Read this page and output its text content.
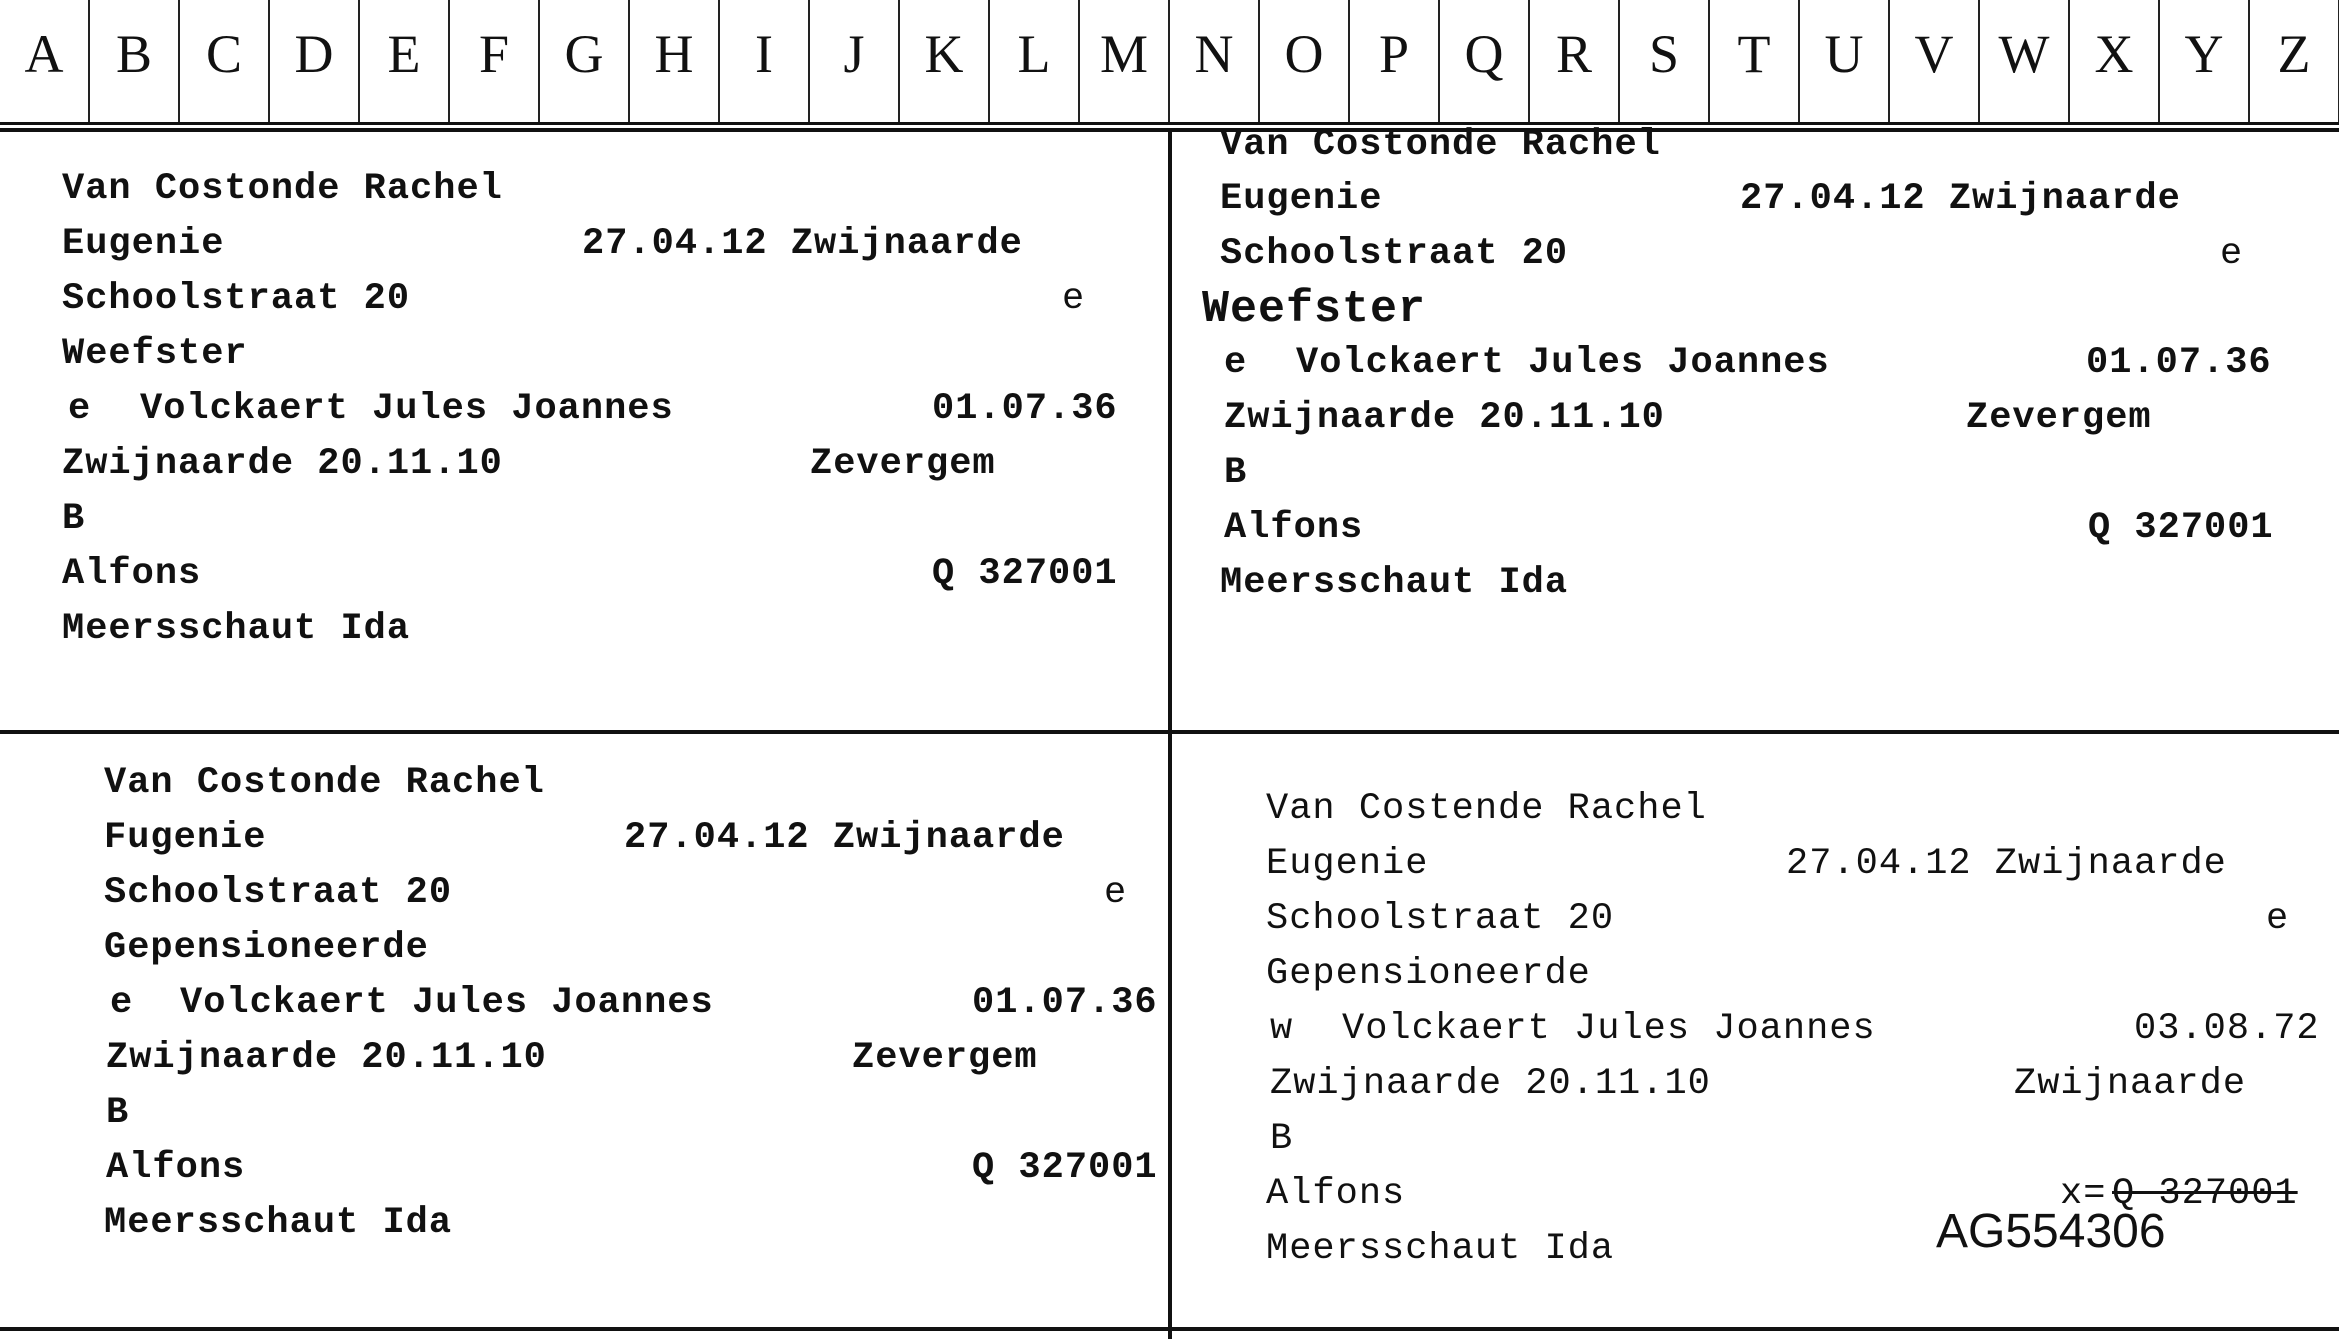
A B C D	E	F	G H	I	J	K	L M N O	P	Q R	S	T	U V W X Y	Z
Van Costonde Rachel
Eugenie	27.04.12 Zwijnaarde
Schoolstraat 20	e
Weefster
e Volckaert Jules Joannes	01.07.36
Zwijnaarde 20.11.10	Zevergem
B
Alfons	Q 327001
Meersschaut Ida
Van Costonde Rachel
Eugenie	27.04.12 Zwijnaarde
Schoolstraat 20	e
Weefster
e Volckaert Jules Joannes	01.07.36
Zwijnaarde 20.11.10	Zevergem
B
Alfons	Q 327001
Meersschaut Ida
Van Costonde Rachel
Fugenie	27.04.12 Zwijnaarde
Schoolstraat 20	e
Gepensioneerde
e Volckaert Jules Joannes	01.07.36
Zwijnaarde 20.11.10	Zevergem
B
Alfons	Q 327001
Meersschaut Ida
Van Costende Rachel
Eugenie	27.04.12 Zwijnaarde
Schoolstraat 20	e
Gepensioneerde
w Volckaert Jules Joannes	03.08.72
Zwijnaarde 20.11.10	Zwijnaarde
B
Alfons	x= Q 327001
Meersschaut Ida	AG554306
